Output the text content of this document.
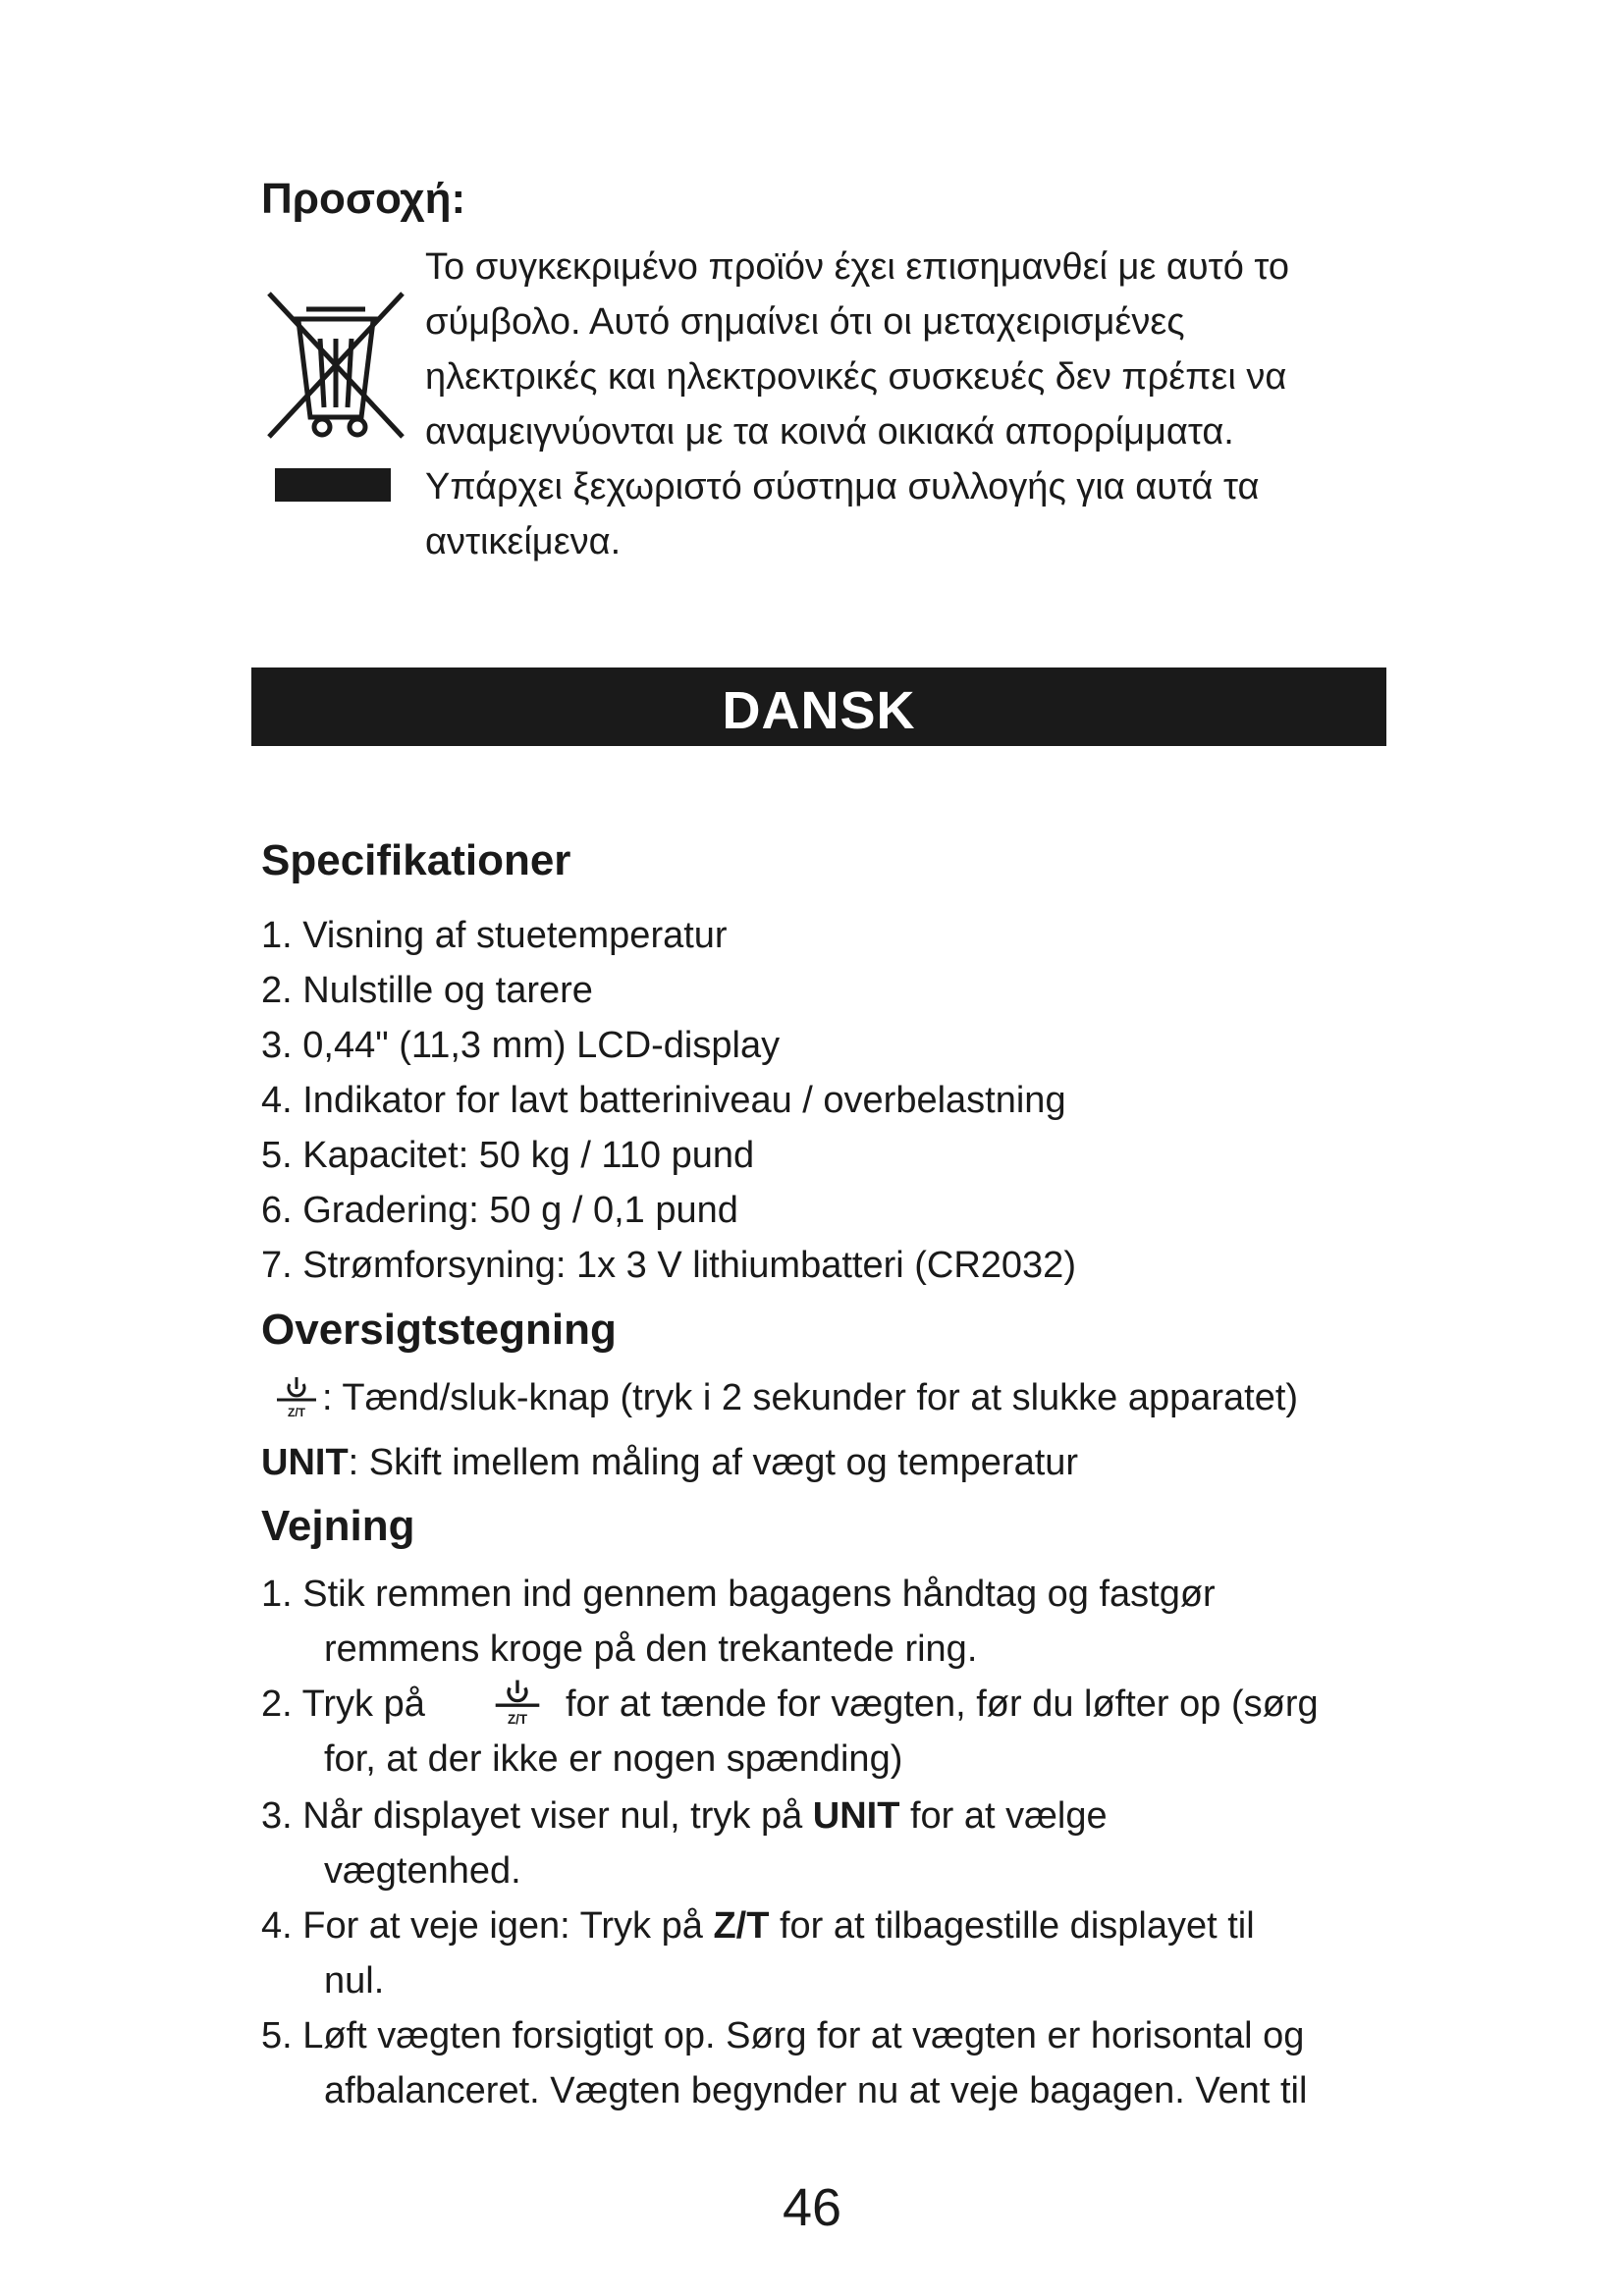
Προσοχή:
Το συγκεκριμένο προϊόν έχει επισημανθεί με αυτό το
σύμβολο. Αυτό σημαίνει ότι οι μεταχειρισμένες
ηλεκτρικές και ηλεκτρονικές συσκευές δεν πρέπει να
αναμειγνύονται με τα κοινά οικιακά απορρίμματα.
Υπάρχει ξεχωριστό σύστημα συλλογής για αυτά τα
αντικείμενα.
DANSK
Specifikationer
1. Visning af stuetemperatur
2. Nulstille og tarere
3. 0,44" (11,3 mm) LCD-display
4. Indikator for lavt batteriniveau / overbelastning
5. Kapacitet: 50 kg / 110 pund
6. Gradering: 50 g / 0,1 pund
7. Strømforsyning: 1x 3 V lithiumbatteri (CR2032)
Oversigtstegning
Z/T : Tænd/sluk-knap (tryk i 2 sekunder for at slukke apparatet)
UNIT: Skift imellem måling af vægt og temperatur
Vejning
1. Stik remmen ind gennem bagagens håndtag og fastgør
remmens kroge på den trekantede ring.
2. Tryk på	Z/T for at tænde for vægten, før du løfter op (sørg
for, at der ikke er nogen spænding)
3. Når displayet viser nul, tryk på UNIT for at vælge
vægtenhed.
4. For at veje igen: Tryk på Z/T for at tilbagestille displayet til
nul.
5. Løft vægten forsigtigt op. Sørg for at vægten er horisontal og
afbalanceret. Vægten begynder nu at veje bagagen. Vent til
46
